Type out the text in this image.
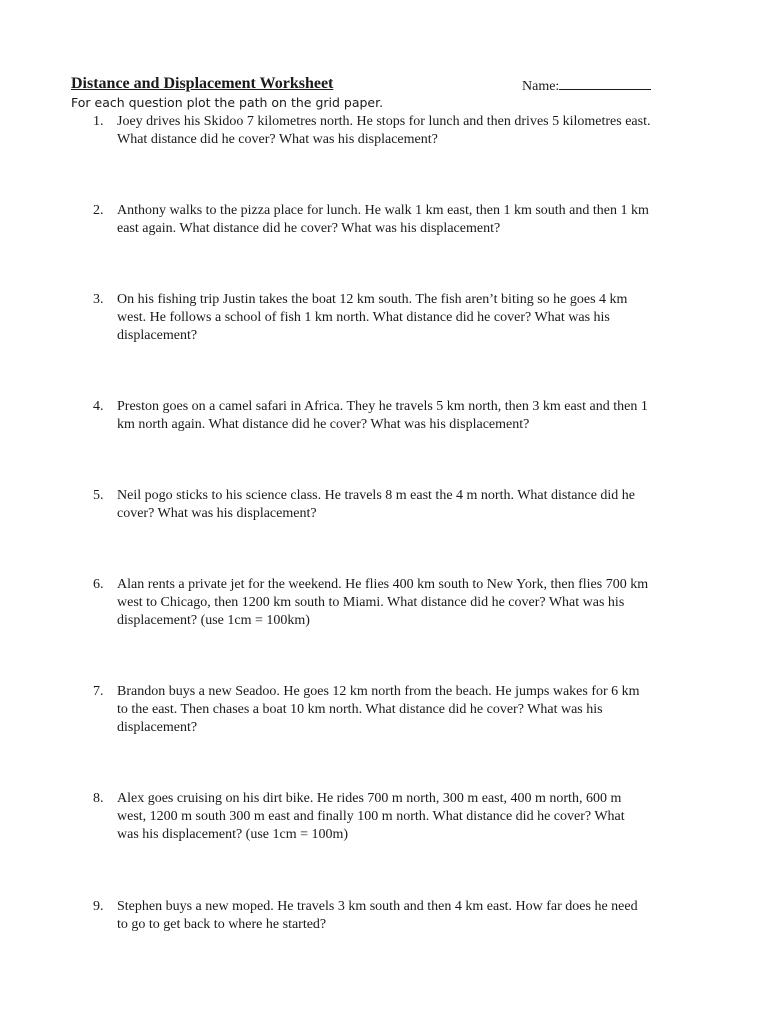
Distance and Displacement Worksheet	Name:
For each question plot the path on the grid paper.
1. Joey drives his Skidoo 7 kilometres north. He stops for lunch and then drives 5 kilometres east.
What distance did he cover? What was his displacement?
2. Anthony walks to the pizza place for lunch. He walk 1 km east, then 1 km south and then 1 km
east again. What distance did he cover? What was his displacement?
3. On his fishing trip Justin takes the boat 12 km south. The fish aren’t biting so he goes 4 km
west. He follows a school of fish 1 km north. What distance did he cover? What was his
displacement?
4. Preston goes on a camel safari in Africa. They he travels 5 km north, then 3 km east and then 1
km north again. What distance did he cover? What was his displacement?
5. Neil pogo sticks to his science class. He travels 8 m east the 4 m north. What distance did he
cover? What was his displacement?
6. Alan rents a private jet for the weekend. He flies 400 km south to New York, then flies 700 km
west to Chicago, then 1200 km south to Miami. What distance did he cover? What was his
displacement? (use 1cm = 100km)
7. Brandon buys a new Seadoo. He goes 12 km north from the beach. He jumps wakes for 6 km
to the east. Then chases a boat 10 km north. What distance did he cover? What was his
displacement?
8. Alex goes cruising on his dirt bike. He rides 700 m north, 300 m east, 400 m north, 600 m
west, 1200 m south 300 m east and finally 100 m north. What distance did he cover? What
was his displacement? (use 1cm = 100m)
9. Stephen buys a new moped. He travels 3 km south and then 4 km east. How far does he need
to go to get back to where he started?
